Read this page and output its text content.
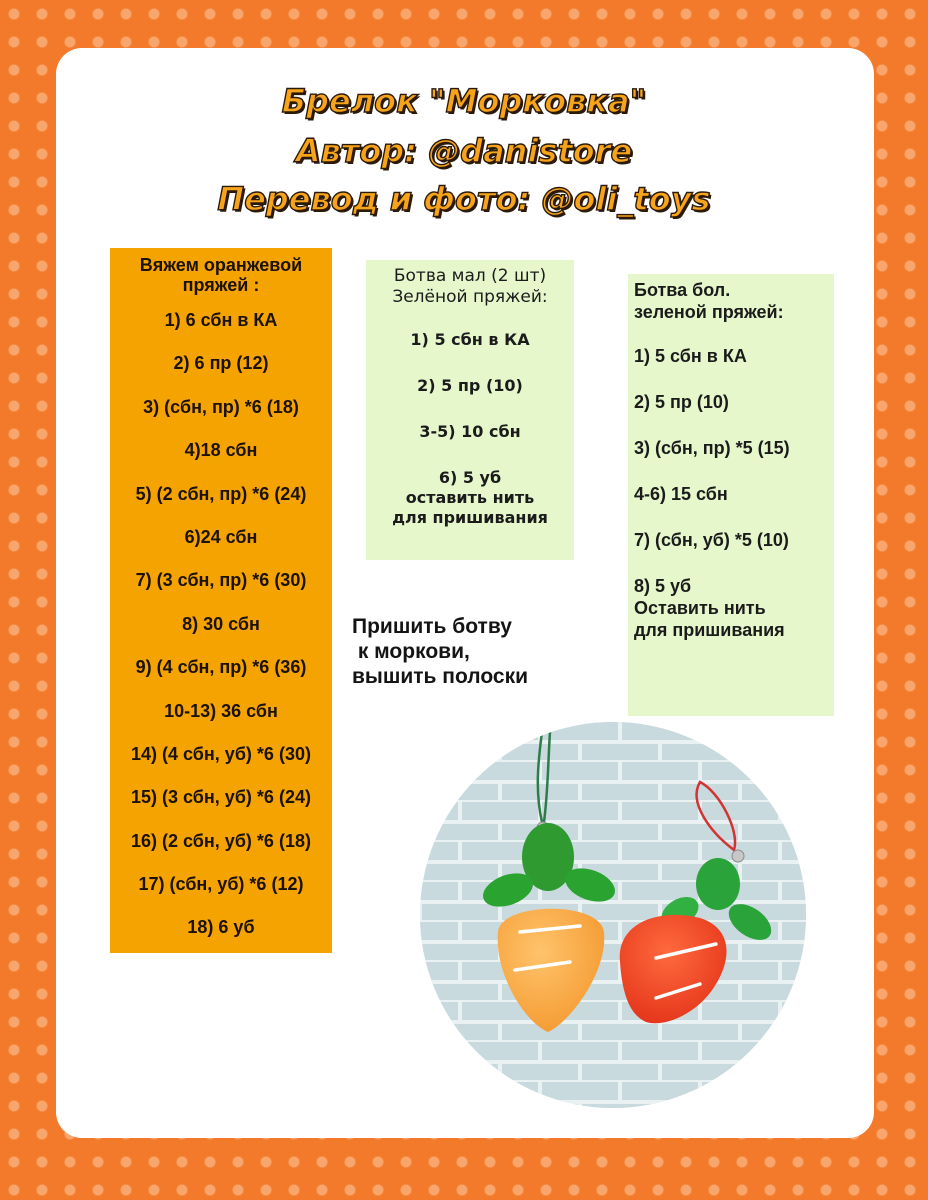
Брелок "Морковка"
Автор: @danistore
Перевод и фото: @oli_toys
Вяжем оранжевой
пряжей :
1) 6 сбн в КА
2) 6 пр (12)
3) (сбн, пр) *6 (18)
4)18 сбн
5) (2 сбн, пр) *6 (24)
6)24 сбн
7) (3 сбн, пр) *6 (30)
8) 30 сбн
9) (4 сбн, пр) *6 (36)
10-13) 36 сбн
14) (4 сбн, уб) *6 (30)
15) (3 сбн, уб) *6 (24)
16) (2 сбн, уб) *6 (18)
17) (сбн, уб) *6 (12)
18) 6 уб
Ботва мал (2 шт)
Зелёной пряжей:
1) 5 сбн в КА
2) 5 пр (10)
3-5) 10 сбн
6) 5 уб
оставить нить
для пришивания
Ботва бол.
зеленой пряжей:
1) 5 сбн в КА
2) 5 пр (10)
3) (сбн, пр) *5 (15)
4-6) 15 сбн
7) (сбн, уб) *5 (10)
8) 5 уб
Оставить нить
для пришивания
Пришить ботву
к моркови,
вышить полоски
